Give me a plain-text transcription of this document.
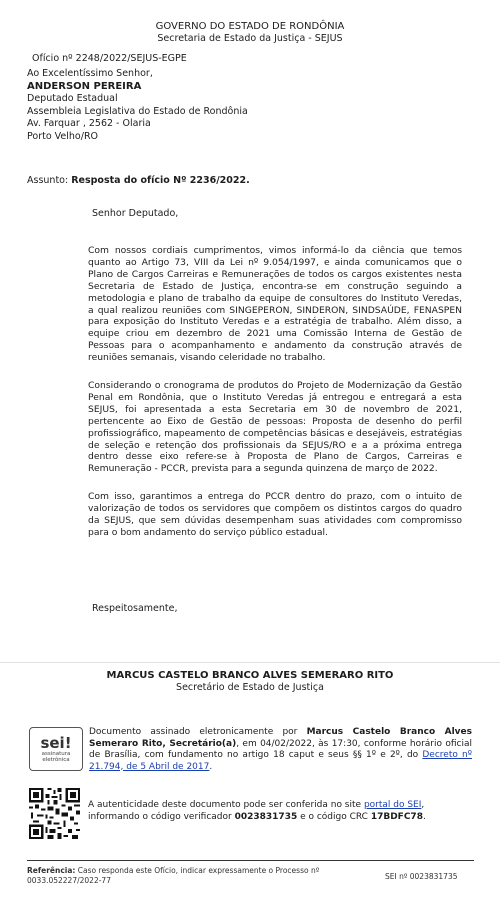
GOVERNO DO ESTADO DE RONDÔNIA
Secretaria de Estado da Justiça - SEJUS
Ofício nº 2248/2022/SEJUS-EGPE
Ao Excelentíssimo Senhor,
ANDERSON PEREIRA
Deputado Estadual
Assembleia Legislativa do Estado de Rondônia
Av. Farquar , 2562 - Olaria
Porto Velho/RO
Assunto: Resposta do ofício Nº 2236/2022.
Senhor Deputado,
Com nossos cordiais cumprimentos, vimos informá-lo da ciência que temos quanto ao Artigo 73, VIII da Lei nº 9.054/1997, e ainda comunicamos que o Plano de Cargos Carreiras e Remunerações de todos os cargos existentes nesta Secretaria de Estado de Justiça, encontra-se em construção seguindo a metodologia e plano de trabalho da equipe de consultores do Instituto Veredas, a qual realizou reuniões com SINGEPERON, SINDERON, SINDSAÚDE, FENASPEN para exposição do Instituto Veredas e a estratégia de trabalho. Além disso, a equipe criou em dezembro de 2021 uma Comissão Interna de Gestão de Pessoas para o acompanhamento e andamento da construção através de reuniões semanais, visando celeridade no trabalho.
Considerando o cronograma de produtos do Projeto de Modernização da Gestão Penal em Rondônia, que o Instituto Veredas já entregou e entregará a esta SEJUS, foi apresentada a esta Secretaria em 30 de novembro de 2021, pertencente ao Eixo de Gestão de pessoas: Proposta de desenho do perfil profissiográfico, mapeamento de competências básicas e desejáveis, estratégias de seleção e retenção dos profissionais da SEJUS/RO e a a próxima entrega dentro desse eixo refere-se à Proposta de Plano de Cargos, Carreiras e Remuneração - PCCR, prevista para a segunda quinzena de março de 2022.
Com isso, garantimos a entrega do PCCR dentro do prazo, com o intuito de valorização de todos os servidores que compõem os distintos cargos do quadro da SEJUS, que sem dúvidas desempenham suas atividades com compromisso para o bom andamento do serviço público estadual.
Respeitosamente,
MARCUS CASTELO BRANCO ALVES SEMERARO RITO
Secretário de Estado de Justiça
sei!
assinatura eletrônica
Documento assinado eletronicamente por Marcus Castelo Branco Alves Semeraro Rito, Secretário(a), em 04/02/2022, às 17:30, conforme horário oficial de Brasília, com fundamento no artigo 18 caput e seus §§ 1º e 2º, do Decreto nº 21.794, de 5 Abril de 2017.
A autenticidade deste documento pode ser conferida no site portal do SEI, informando o código verificador 0023831735 e o código CRC 17BDFC78.
Referência: Caso responda este Ofício, indicar expressamente o Processo nº 0033.052227/2022-77	SEI nº 0023831735
